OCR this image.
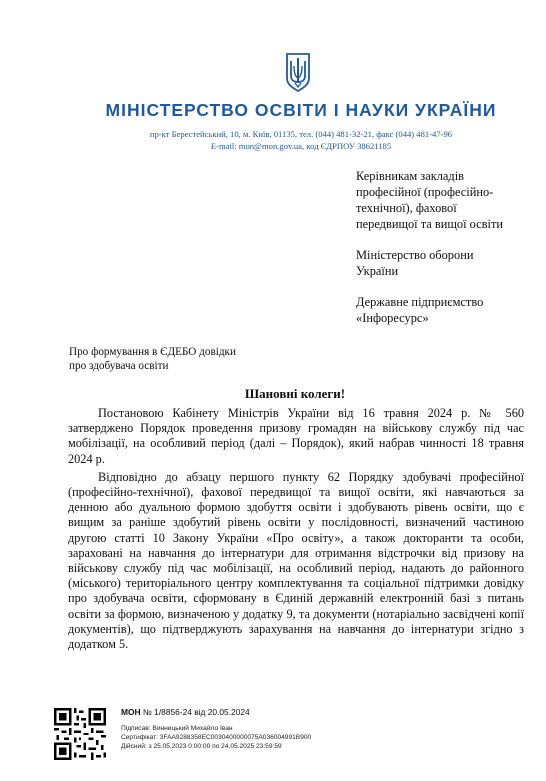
МІНІСТЕРСТВО ОСВІТИ І НАУКИ УКРАЇНИ
пр-кт Берестейський, 10, м. Київ, 01135, тел. (044) 481-32-21, факс (044) 481-47-96
E-mail: mon@mon.gov.ua, код ЄДРПОУ 38621185
Керівникам закладів
професійної (професійно-
технічної), фахової
передвищої та вищої освіти
Міністерство оборони
України
Державне підприємство
«Інфоресурс»
Про формування в ЄДЕБО довідки
про здобувача освіти
Шановні колеги!

Постановою Кабінету Міністрів України від 16 травня 2024 р. № 560 затверджено Порядок проведення призову громадян на військову службу під час мобілізації, на особливий період (далі – Порядок), який набрав чинності 18 травня 2024 р.

Відповідно до абзацу першого пункту 62 Порядку здобувачі професійної (професійно-технічної), фахової передвищої та вищої освіти, які навчаються за денною або дуальною формою здобуття освіти і здобувають рівень освіти, що є вищим за раніше здобутий рівень освіти у послідовності, визначений частиною другою статті 10 Закону України «Про освіту», а також докторанти та особи, зараховані на навчання до інтернатури для отримання відстрочки від призову на військову службу під час мобілізації, на особливий період, надають до районного (міського) територіального центру комплектування та соціальної підтримки довідку про здобувача освіти, сформовану в Єдиній державній електронній базі з питань освіти за формою, визначеною у додатку 9, та документи (нотаріально засвідчені копії документів), що підтверджують зарахування на навчання до інтернатури згідно з додатком 5.

МОН № 1/8856-24 від 20.05.2024
Підписав: Винницький Михайло Іван
Сертифікат: 3FAA9288358EC0030400000075A036004991B900
Дійсний: з 25.05.2023 0:00:00 по 24.05.2025 23:59:59
